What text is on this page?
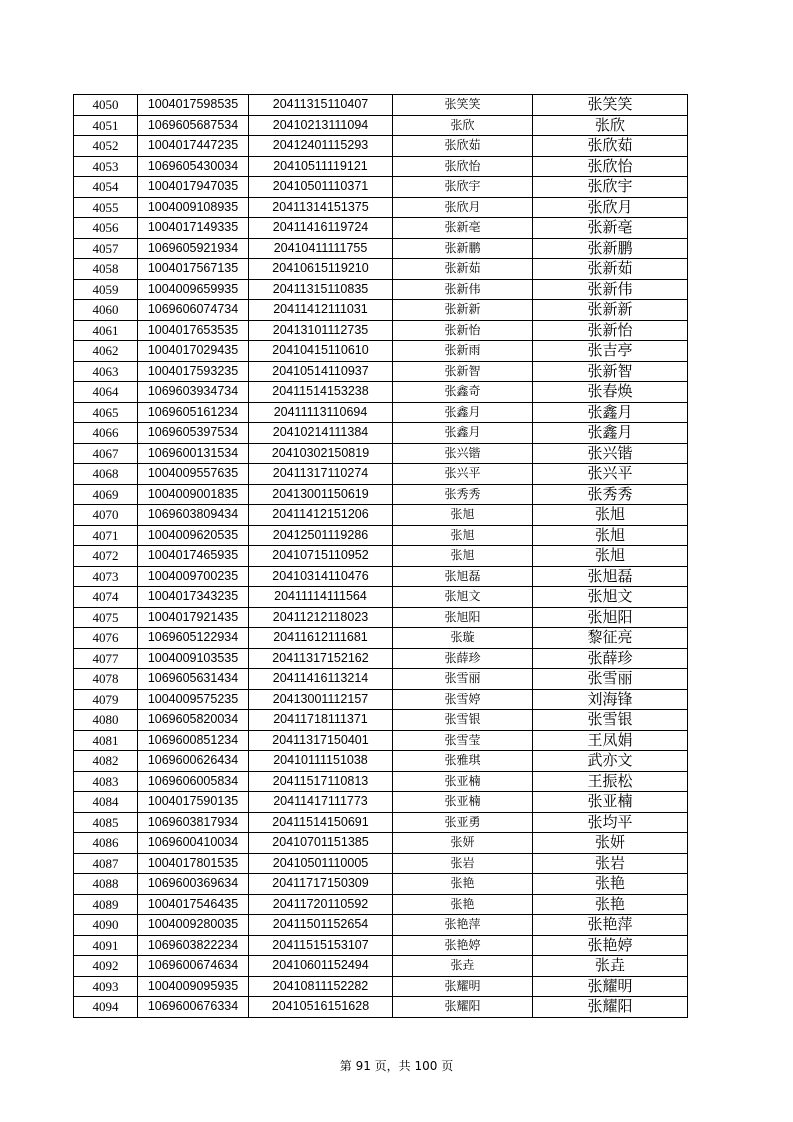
4050	1004017598535	20411315110407	张笑笑	张笑笑
4051	1069605687534	20410213111094	张欣	张欣
4052	1004017447235	20412401115293	张欣茹	张欣茹
4053	1069605430034	20410511119121	张欣怡	张欣怡
4054	1004017947035	20410501110371	张欣宇	张欣宇
4055	1004009108935	20411314151375	张欣月	张欣月
4056	1004017149335	20411416119724	张新亳	张新亳
4057	1069605921934	20410411111755	张新鹏	张新鹏
4058	1004017567135	20410615119210	张新茹	张新茹
4059	1004009659935	20411315110835	张新伟	张新伟
4060	1069606074734	20411412111031	张新新	张新新
4061	1004017653535	20413101112735	张新怡	张新怡
4062	1004017029435	20410415110610	张新雨	张吉亭
4063	1004017593235	20410514110937	张新智	张新智
4064	1069603934734	20411514153238	张鑫奇	张春焕
4065	1069605161234	20411113110694	张鑫月	张鑫月
4066	1069605397534	20410214111384	张鑫月	张鑫月
4067	1069600131534	20410302150819	张兴锴	张兴锴
4068	1004009557635	20411317110274	张兴平	张兴平
4069	1004009001835	20413001150619	张秀秀	张秀秀
4070	1069603809434	20411412151206	张旭	张旭
4071	1004009620535	20412501119286	张旭	张旭
4072	1004017465935	20410715110952	张旭	张旭
4073	1004009700235	20410314110476	张旭磊	张旭磊
4074	1004017343235	20411114111564	张旭文	张旭文
4075	1004017921435	20411212118023	张旭阳	张旭阳
4076	1069605122934	20411612111681	张璇	黎征亮
4077	1004009103535	20411317152162	张薛珍	张薛珍
4078	1069605631434	20411416113214	张雪丽	张雪丽
4079	1004009575235	20413001112157	张雪婷	刘海锋
4080	1069605820034	20411718111371	张雪银	张雪银
4081	1069600851234	20411317150401	张雪莹	王凤娟
4082	1069600626434	20410111151038	张雅琪	武亦文
4083	1069606005834	20411517110813	张亚楠	王振松
4084	1004017590135	20411417111773	张亚楠	张亚楠
4085	1069603817934	20411514150691	张亚勇	张均平
4086	1069600410034	20410701151385	张妍	张妍
4087	1004017801535	20410501110005	张岩	张岩
4088	1069600369634	20411717150309	张艳	张艳
4089	1004017546435	20411720110592	张艳	张艳
4090	1004009280035	20411501152654	张艳萍	张艳萍
4091	1069603822234	20411515153107	张艳婷	张艳婷
4092	1069600674634	20410601152494	张垚	张垚
4093	1004009095935	20410811152282	张耀明	张耀明
4094	1069600676334	20410516151628	张耀阳	张耀阳
第 91 页，共 100 页
